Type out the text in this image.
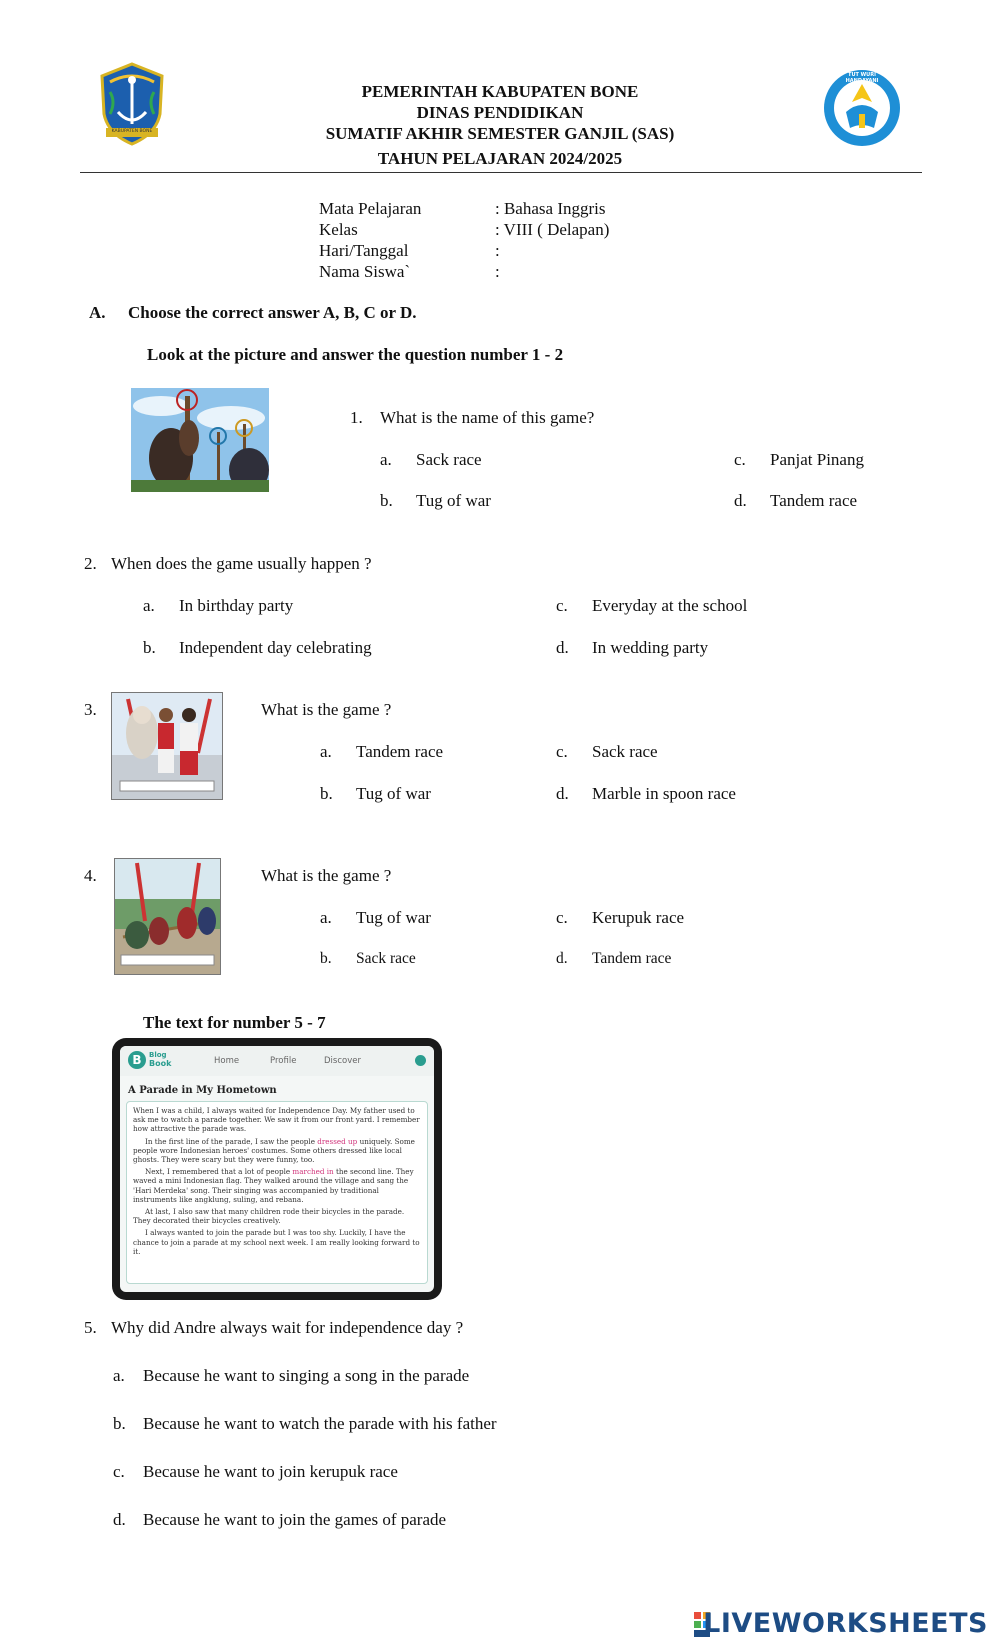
KABUPATEN BONE
PEMERINTAH KABUPATEN BONE
DINAS PENDIDIKAN
SUMATIF AKHIR SEMESTER GANJIL (SAS)
TAHUN PELAJARAN 2024/2025
TUT WURI HANDAYANI
Mata Pelajaran	: Bahasa Inggris
Kelas	: VIII ( Delapan)
Hari/Tanggal	:
Nama Siswa`	:
A. Choose the correct answer A, B, C or D.
Look at the picture and answer the question number 1 - 2
1. What is the name of this game?
a. Sack race
b. Tug of war
c. Panjat Pinang
d. Tandem race
2. When does the game usually happen ?
a. In birthday party
b. Independent day celebrating
c. Everyday at the school
d. In wedding party
3.	What is the game ?
a. Tandem race
b. Tug of war
c. Sack race
d. Marble in spoon race
4.	What is the game ?
a. Tug of war
b. Sack race
c. Kerupuk race
d. Tandem race
The text for number 5 - 7
B	Blog
Book	Home	Profile	Discover
A Parade in My Hometown

When I was a child, I always waited for Independence Day. My father used to ask me to watch a parade together. We saw it from our front yard. I remember how attractive the parade was.

In the first line of the parade, I saw the people dressed up uniquely. Some people wore Indonesian heroes' costumes. Some others dressed like local ghosts. They were scary but they were funny, too.

Next, I remembered that a lot of people marched in the second line. They waved a mini Indonesian flag. They walked around the village and sang the 'Hari Merdeka' song. Their singing was accompanied by traditional instruments like angklung, suling, and rebana.

At last, I also saw that many children rode their bicycles in the parade. They decorated their bicycles creatively.

I always wanted to join the parade but I was too shy. Luckily, I have the chance to join a parade at my school next week. I am really looking forward to it.

5. Why did Andre always wait for independence day ?
a. Because he want to singing a song in the parade
b. Because he want to watch the parade with his father
c. Because he want to join kerupuk race
d. Because he want to join the games of parade
LIVEWORKSHEETS
